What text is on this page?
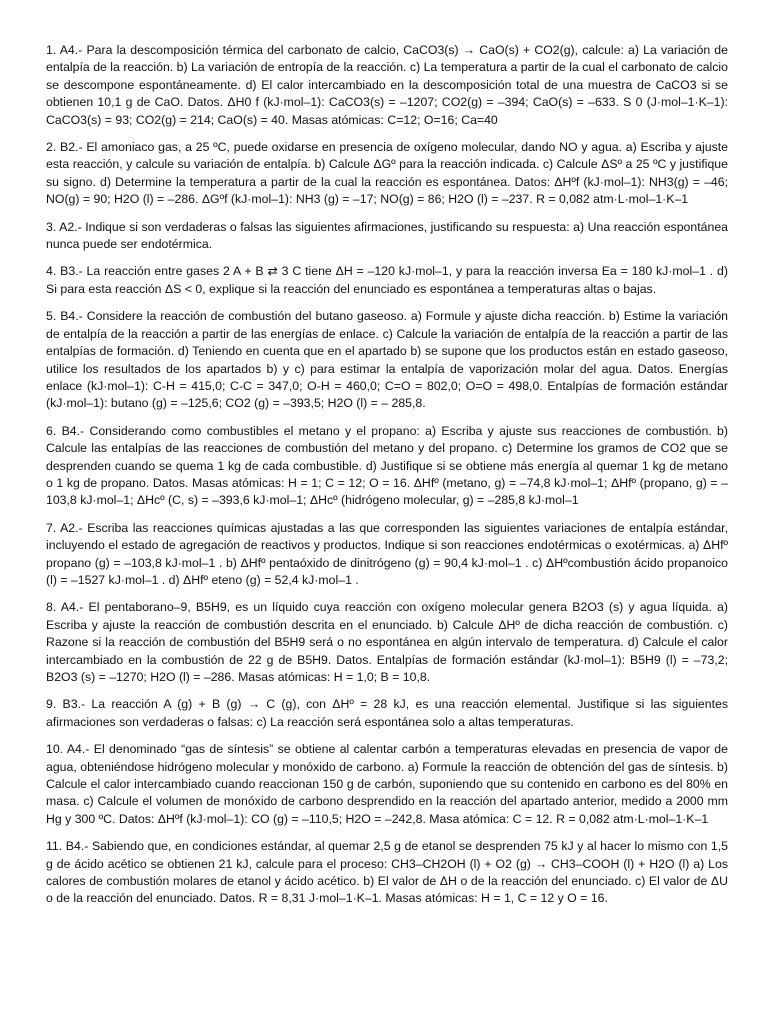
1. A4.- Para la descomposición térmica del carbonato de calcio, CaCO3(s) → CaO(s) + CO2(g), calcule: a) La variación de entalpía de la reacción. b) La variación de entropía de la reacción. c) La temperatura a partir de la cual el carbonato de calcio se descompone espontáneamente. d) El calor intercambiado en la descomposición total de una muestra de CaCO3 si se obtienen 10,1 g de CaO. Datos. ΔH0 f (kJ·mol–1): CaCO3(s) = –1207; CO2(g) = –394; CaO(s) = –633. S 0 (J·mol–1·K–1): CaCO3(s) = 93; CO2(g) = 214; CaO(s) = 40. Masas atómicas: C=12; O=16; Ca=40

2. B2.- El amoniaco gas, a 25 ºC, puede oxidarse en presencia de oxígeno molecular, dando NO y agua. a) Escriba y ajuste esta reacción, y calcule su variación de entalpía. b) Calcule ΔGº para la reacción indicada. c) Calcule ΔSº a 25 ºC y justifique su signo. d) Determine la temperatura a partir de la cual la reacción es espontánea. Datos: ΔHºf (kJ·mol–1): NH3(g) = –46; NO(g) = 90; H2O (l) = –286. ΔGºf (kJ·mol–1): NH3 (g) = –17; NO(g) = 86; H2O (l) = –237. R = 0,082 atm·L·mol–1·K–1

3. A2.- Indique si son verdaderas o falsas las siguientes afirmaciones, justificando su respuesta: a) Una reacción espontánea nunca puede ser endotérmica.

4. B3.- La reacción entre gases 2 A + B ⇄ 3 C tiene ΔH = –120 kJ·mol–1, y para la reacción inversa Ea = 180 kJ·mol–1 . d) Si para esta reacción ΔS < 0, explique si la reacción del enunciado es espontánea a temperaturas altas o bajas.

5. B4.- Considere la reacción de combustión del butano gaseoso. a) Formule y ajuste dicha reacción. b) Estime la variación de entalpía de la reacción a partir de las energías de enlace. c) Calcule la variación de entalpía de la reacción a partir de las entalpías de formación. d) Teniendo en cuenta que en el apartado b) se supone que los productos están en estado gaseoso, utilice los resultados de los apartados b) y c) para estimar la entalpía de vaporización molar del agua. Datos. Energías enlace (kJ·mol–1): C-H = 415,0; C-C = 347,0; O-H = 460,0; C=O = 802,0; O=O = 498,0. Entalpías de formación estándar (kJ·mol–1): butano (g) = –125,6; CO2 (g) = –393,5; H2O (l) = – 285,8.

6. B4.- Considerando como combustibles el metano y el propano: a) Escriba y ajuste sus reacciones de combustión. b) Calcule las entalpías de las reacciones de combustión del metano y del propano. c) Determine los gramos de CO2 que se desprenden cuando se quema 1 kg de cada combustible. d) Justifique si se obtiene más energía al quemar 1 kg de metano o 1 kg de propano. Datos. Masas atómicas: H = 1; C = 12; O = 16. ΔHfº (metano, g) = –74,8 kJ·mol–1; ΔHfº (propano, g) = –103,8 kJ·mol–1; ΔHcº (C, s) = –393,6 kJ·mol–1; ΔHcº (hidrógeno molecular, g) = –285,8 kJ·mol–1

7. A2.- Escriba las reacciones químicas ajustadas a las que corresponden las siguientes variaciones de entalpía estándar, incluyendo el estado de agregación de reactivos y productos. Indique si son reacciones endotérmicas o exotérmicas. a) ΔHfº propano (g) = –103,8 kJ·mol–1 . b) ΔHfº pentaóxido de dinitrógeno (g) = 90,4 kJ·mol–1 . c) ΔHºcombustión ácido propanoico (l) = –1527 kJ·mol–1 . d) ΔHfº eteno (g) = 52,4 kJ·mol–1 .

8. A4.- El pentaborano–9, B5H9, es un líquido cuya reacción con oxígeno molecular genera B2O3 (s) y agua líquida. a) Escriba y ajuste la reacción de combustión descrita en el enunciado. b) Calcule ΔHº de dicha reacción de combustión. c) Razone si la reacción de combustión del B5H9 será o no espontánea en algún intervalo de temperatura. d) Calcule el calor intercambiado en la combustión de 22 g de B5H9. Datos. Entalpías de formación estándar (kJ·mol–1): B5H9 (l) = –73,2; B2O3 (s) = –1270; H2O (l) = –286. Masas atómicas: H = 1,0; B = 10,8.

9. B3.- La reacción A (g) + B (g) → C (g), con ΔHº = 28 kJ, es una reacción elemental. Justifique si las siguientes afirmaciones son verdaderas o falsas: c) La reacción será espontánea solo a altas temperaturas.

10. A4.- El denominado “gas de síntesis” se obtiene al calentar carbón a temperaturas elevadas en presencia de vapor de agua, obteniéndose hidrógeno molecular y monóxido de carbono. a) Formule la reacción de obtención del gas de síntesis. b) Calcule el calor intercambiado cuando reaccionan 150 g de carbón, suponiendo que su contenido en carbono es del 80% en masa. c) Calcule el volumen de monóxido de carbono desprendido en la reacción del apartado anterior, medido a 2000 mm Hg y 300 ºC. Datos: ΔHºf (kJ·mol–1): CO (g) = –110,5; H2O = –242,8. Masa atómica: C = 12. R = 0,082 atm·L·mol–1·K–1

11. B4.- Sabiendo que, en condiciones estándar, al quemar 2,5 g de etanol se desprenden 75 kJ y al hacer lo mismo con 1,5 g de ácido acético se obtienen 21 kJ, calcule para el proceso: CH3–CH2OH (l) + O2 (g) → CH3–COOH (l) + H2O (l) a) Los calores de combustión molares de etanol y ácido acético. b) El valor de ΔH o de la reacción del enunciado. c) El valor de ΔU o de la reacción del enunciado. Datos. R = 8,31 J·mol–1·K–1. Masas atómicas: H = 1, C = 12 y O = 16.
